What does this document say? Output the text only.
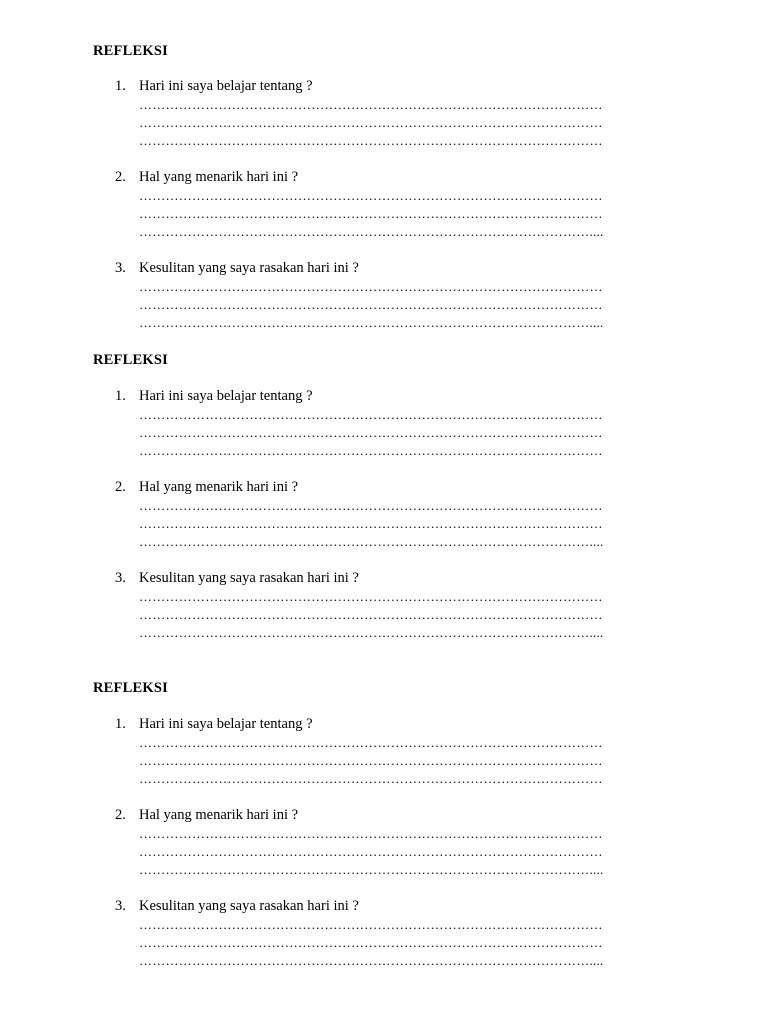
REFLEKSI
1. Hari ini saya belajar tentang ?
……………………………………………………………………………………………
……………………………………………………………………………………………
……………………………………………………………………………………………
2. Hal yang menarik hari ini ?
……………………………………………………………………………………………
……………………………………………………………………………………………
…………………………………………………………………………………………....
3. Kesulitan yang saya rasakan hari ini ?
……………………………………………………………………………………………
……………………………………………………………………………………………
…………………………………………………………………………………………....
REFLEKSI
1. Hari ini saya belajar tentang ?
……………………………………………………………………………………………
……………………………………………………………………………………………
……………………………………………………………………………………………
2. Hal yang menarik hari ini ?
……………………………………………………………………………………………
……………………………………………………………………………………………
…………………………………………………………………………………………....
3. Kesulitan yang saya rasakan hari ini ?
……………………………………………………………………………………………
……………………………………………………………………………………………
…………………………………………………………………………………………....
REFLEKSI
1. Hari ini saya belajar tentang ?
……………………………………………………………………………………………
……………………………………………………………………………………………
……………………………………………………………………………………………
2. Hal yang menarik hari ini ?
……………………………………………………………………………………………
……………………………………………………………………………………………
…………………………………………………………………………………………....
3. Kesulitan yang saya rasakan hari ini ?
……………………………………………………………………………………………
……………………………………………………………………………………………
…………………………………………………………………………………………....
